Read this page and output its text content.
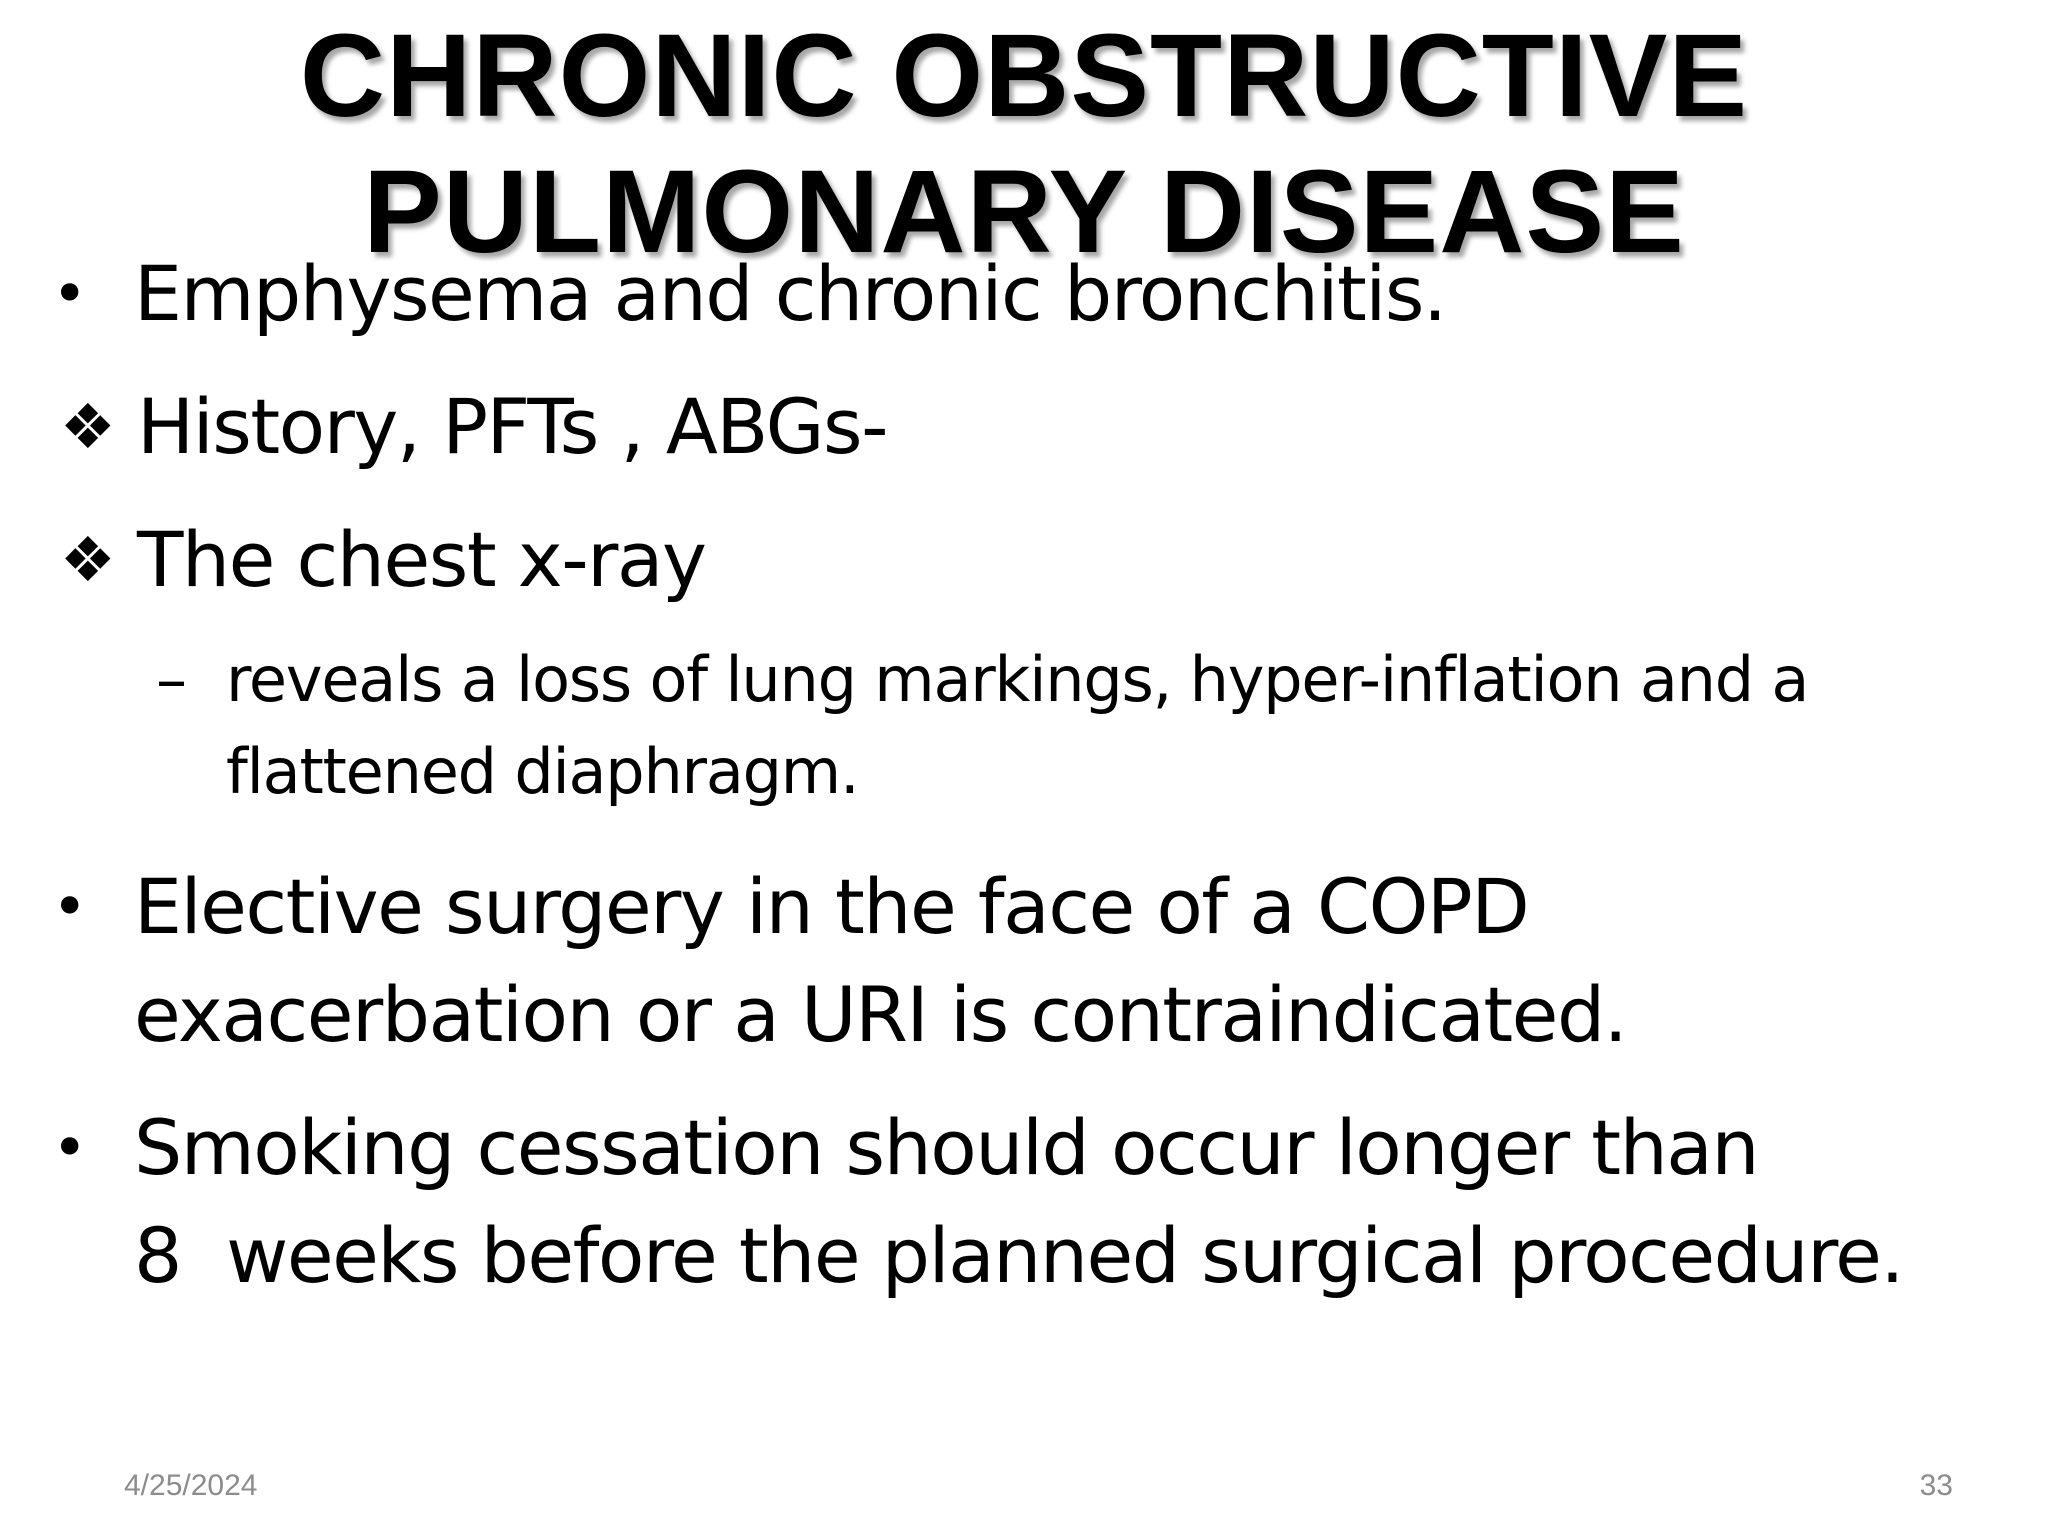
CHRONIC OBSTRUCTIVE
PULMONARY DISEASE
• Emphysema and chronic bronchitis.
❖ History, PFTs , ABGs-
❖ The chest x-ray
– reveals a loss of lung markings, hyper-inflation and a
flattened diaphragm.
• Elective surgery in the face of a COPD
exacerbation or a URI is contraindicated.
• Smoking cessation should occur longer than
8  weeks before the planned surgical procedure.
4/25/2024	33
